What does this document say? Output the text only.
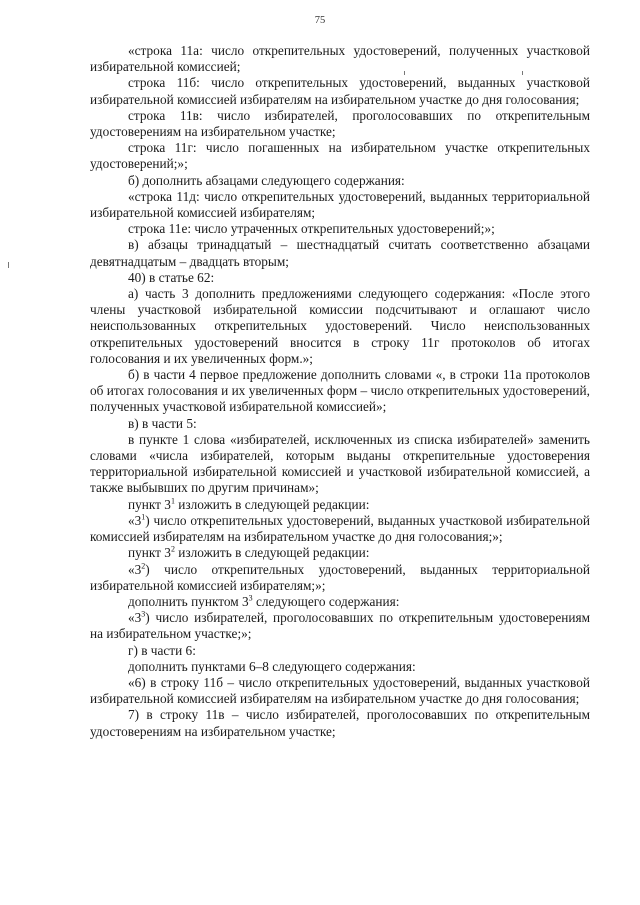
75

«строка 11а: число открепительных удостоверений, полученных участковой избирательной комиссией;

строка 11б: число открепительных удостоверений, выданных участковой избирательной комиссией избирателям на избирательном участке до дня голосования;

строка 11в: число избирателей, проголосовавших по открепительным удостоверениям на избирательном участке;

строка 11г: число погашенных на избирательном участке открепительных удостоверений;»;

б) дополнить абзацами следующего содержания:

«строка 11д: число открепительных удостоверений, выданных территориальной избирательной комиссией избирателям;

строка 11е: число утраченных открепительных удостоверений;»;

в) абзацы тринадцатый – шестнадцатый считать соответственно абзацами девятнадцатым – двадцать вторым;

40) в статье 62:

а) часть 3 дополнить предложениями следующего содержания: «После этого члены участковой избирательной комиссии подсчитывают и оглашают число неиспользованных открепительных удостоверений. Число неиспользованных открепительных удостоверений вносится в строку 11г протоколов об итогах голосования и их увеличенных форм.»;

б) в части 4 первое предложение дополнить словами «, в строки 11а протоколов об итогах голосования и их увеличенных форм – число открепительных удостоверений, полученных участковой избирательной комиссией»;

в) в части 5:

в пункте 1 слова «избирателей, исключенных из списка избирателей» заменить словами «числа избирателей, которым выданы открепительные удостоверения территориальной избирательной комиссией и участковой избирательной комиссией, а также выбывших по другим причинам»;

пункт $3^1$ изложить в следующей редакции:

«$3^1$) число открепительных удостоверений, выданных участковой избирательной комиссией избирателям на избирательном участке до дня голосования;»;

пункт $3^2$ изложить в следующей редакции:

«$3^2$) число открепительных удостоверений, выданных территориальной избирательной комиссией избирателям;»;

дополнить пунктом $3^3$ следующего содержания:

«$3^3$) число избирателей, проголосовавших по открепительным удостоверениям на избирательном участке;»;

г) в части 6:

дополнить пунктами 6–8 следующего содержания:

«6) в строку 11б – число открепительных удостоверений, выданных участковой избирательной комиссией избирателям на избирательном участке до дня голосования;

7) в строку 11в – число избирателей, проголосовавших по открепительным удостоверениям на избирательном участке;
